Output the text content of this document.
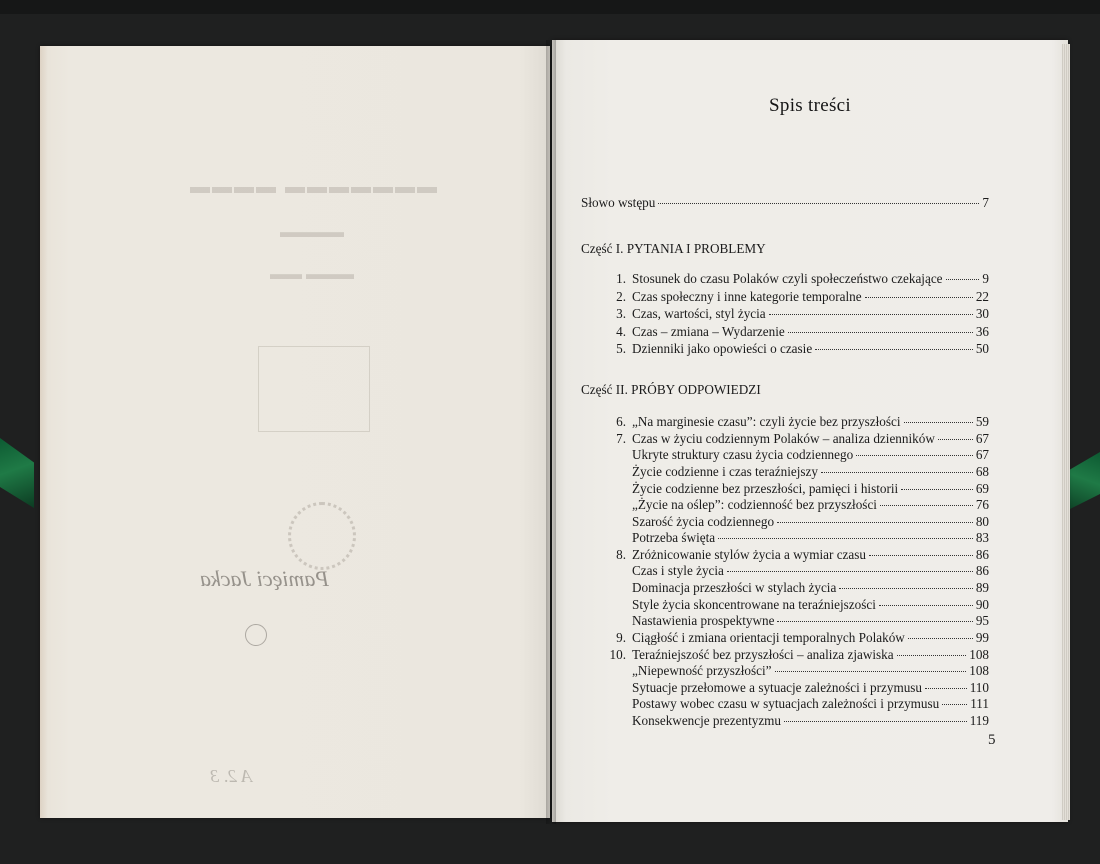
▬▬▬▬ ▬▬▬▬▬▬▬
▬▬▬▬
▬▬ ▬▬▬
Pamięci Jacka
A 2. 3
Spis treści
Słowo wstępu	7
Część I. PYTANIA I PROBLEMY
Część II. PRÓBY ODPOWIEDZI
1. Stosunek do czasu Polaków czyli społeczeństwo czekające	9
2. Czas społeczny i inne kategorie temporalne	22
3. Czas, wartości, styl życia	30
4. Czas – zmiana – Wydarzenie	36
5. Dzienniki jako opowieści o czasie	50
6. „Na marginesie czasu”: czyli życie bez przyszłości	59
7. Czas w życiu codziennym Polaków – analiza dzienników	67
Ukryte struktury czasu życia codziennego	67
Życie codzienne i czas teraźniejszy	68
Życie codzienne bez przeszłości, pamięci i historii	69
„Życie na oślep”: codzienność bez przyszłości	76
Szarość życia codziennego	80
Potrzeba święta	83
8. Zróżnicowanie stylów życia a wymiar czasu	86
Czas i style życia	86
Dominacja przeszłości w stylach życia	89
Style życia skoncentrowane na teraźniejszości	90
Nastawienia prospektywne	95
9. Ciągłość i zmiana orientacji temporalnych Polaków	99
10. Teraźniejszość bez przyszłości – analiza zjawiska	108
„Niepewność przyszłości”	108
Sytuacje przełomowe a sytuacje zależności i przymusu	110
Postawy wobec czasu w sytuacjach zależności i przymusu 111
Konsekwencje prezentyzmu	119
5
